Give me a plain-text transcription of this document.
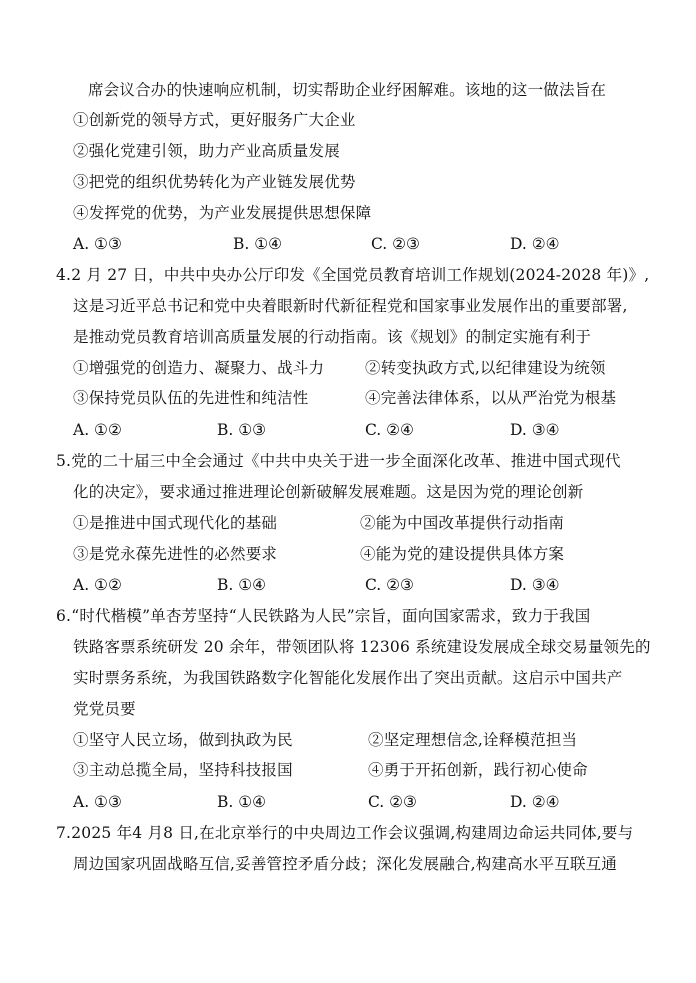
席会议合办的快速响应机制，切实帮助企业纾困解难。该地的这一做法旨在
①创新党的领导方式，更好服务广大企业
②强化党建引领，助力产业高质量发展
③把党的组织优势转化为产业链发展优势
④发挥党的优势，为产业发展提供思想保障
A. ①③	B. ①④	C. ②③	D. ②④
4.2 月 27 日，中共中央办公厅印发《全国党员教育培训工作规划(2024-2028 年)》,
这是习近平总书记和党中央着眼新时代新征程党和国家事业发展作出的重要部署,
是推动党员教育培训高质量发展的行动指南。该《规划》的制定实施有利于
①增强党的创造力、凝聚力、战斗力	②转变执政方式,以纪律建设为统领
③保持党员队伍的先进性和纯洁性	④完善法律体系，以从严治党为根基
A. ①②	B. ①③	C. ②④	D. ③④
5.党的二十届三中全会通过《中共中央关于进一步全面深化改革、推进中国式现代
化的决定》，要求通过推进理论创新破解发展难题。这是因为党的理论创新
①是推进中国式现代化的基础	②能为中国改革提供行动指南
③是党永葆先进性的必然要求	④能为党的建设提供具体方案
A. ①②	B. ①④	C. ②③	D. ③④
6.“时代楷模”单杏芳坚持“人民铁路为人民”宗旨，面向国家需求，致力于我国
铁路客票系统研发 20 余年，带领团队将 12306 系统建设发展成全球交易量领先的
实时票务系统，为我国铁路数字化智能化发展作出了突出贡献。这启示中国共产
党党员要
①坚守人民立场，做到执政为民	②坚定理想信念,诠释模范担当
③主动总揽全局，坚持科技报国	④勇于开拓创新，践行初心使命
A. ①③	B. ①④	C. ②③	D. ②④
7.2025 年4 月8 日,在北京举行的中央周边工作会议强调,构建周边命运共同体,要与
周边国家巩固战略互信,妥善管控矛盾分歧；深化发展融合,构建高水平互联互通
